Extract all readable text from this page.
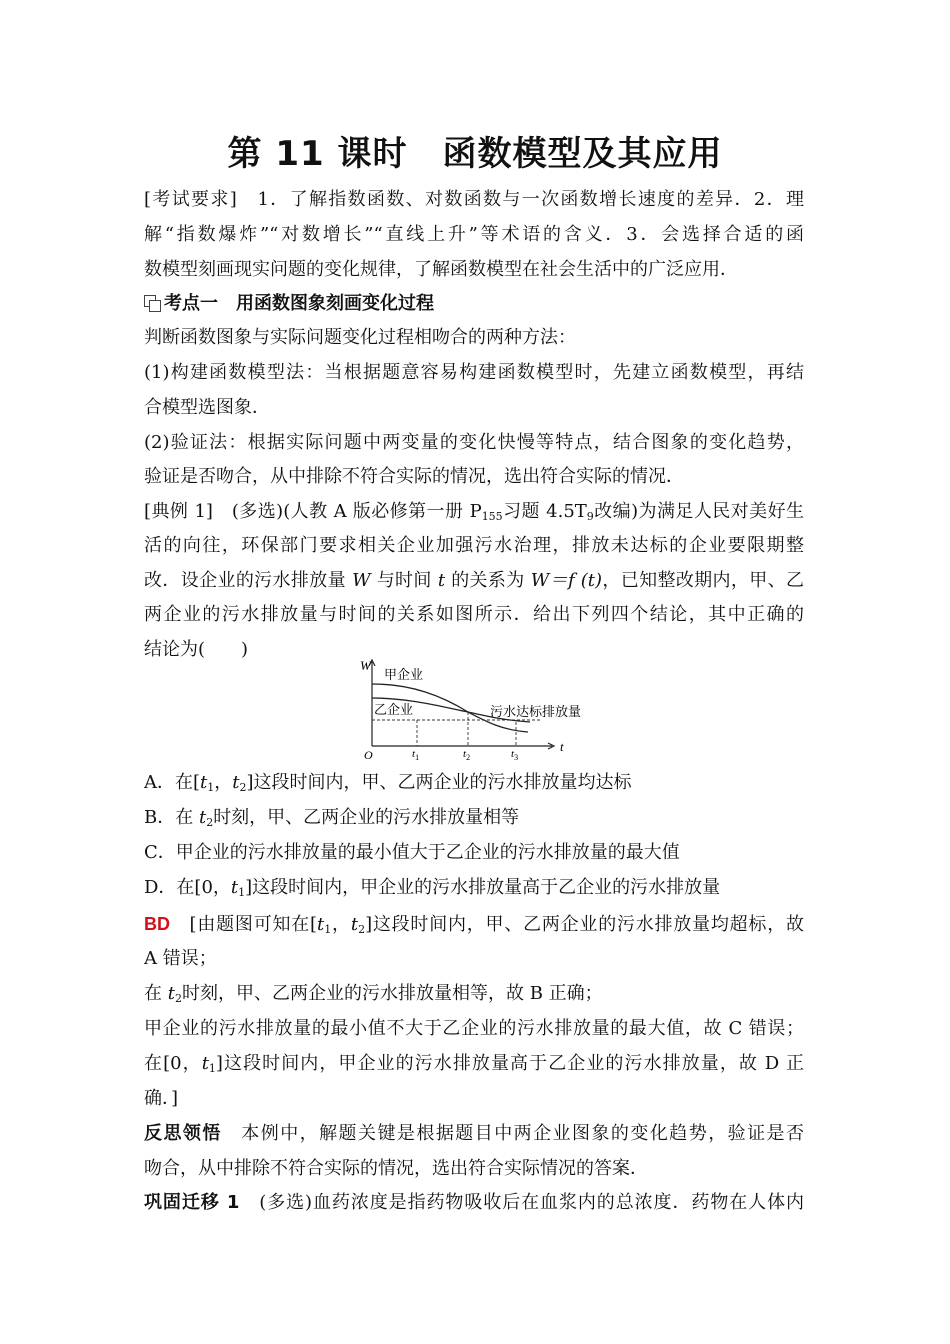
第 11 课时　函数模型及其应用
[考试要求]　 1．了解指数函数、对数函数与一次函数增长速度的差异．2．理
解“指数爆炸”“对数增长”“直线上升”等术语的含义．3．会选择合适的函
数模型刻画现实问题的变化规律，了解函数模型在社会生活中的广泛应用．
考点一　用函数图象刻画变化过程
判断函数图象与实际问题变化过程相吻合的两种方法：
(1)构建函数模型法：当根据题意容易构建函数模型时，先建立函数模型，再结
合模型选图象．
(2)验证法：根据实际问题中两变量的变化快慢等特点，结合图象的变化趋势，
验证是否吻合，从中排除不符合实际的情况，选出符合实际的情况．
[典例 1]　 (多选)(人教 A 版必修第一册 $P_{155}$习题 $4.5T_9$改编)为满足人民对美好生
活的向往，环保部门要求相关企业加强污水治理，排放未达标的企业要限期整
改．设企业的污水排放量 W 与时间 t 的关系为 W＝f (t)，已知整改期内，甲、乙
两企业的污水排放量与时间的关系如图所示．给出下列四个结论，其中正确的
结论为(　　)
W
t
O
甲企业
乙企业	污水达标排放量
$t_1$	$t_2$	$t_3$
A．在[$t_1$，$t_2$]这段时间内，甲、乙两企业的污水排放量均达标
B．在 $t_2$时刻，甲、乙两企业的污水排放量相等
C．甲企业的污水排放量的最小值大于乙企业的污水排放量的最大值
D．在[0，$t_1$]这段时间内，甲企业的污水排放量高于乙企业的污水排放量
BD　[由题图可知在[$t_1$，$t_2$]这段时间内，甲、乙两企业的污水排放量均超标，故
A 错误；
在 $t_2$时刻，甲、乙两企业的污水排放量相等，故 B 正确；
甲企业的污水排放量的最小值不大于乙企业的污水排放量的最大值，故 C 错误；
在[0，$t_1$]这段时间内，甲企业的污水排放量高于乙企业的污水排放量，故 D 正
确．]
反思领悟　本例中，解题关键是根据题目中两企业图象的变化趋势，验证是否
吻合，从中排除不符合实际的情况，选出符合实际情况的答案．
巩固迁移 1　(多选)血药浓度是指药物吸收后在血浆内的总浓度．药物在人体内
